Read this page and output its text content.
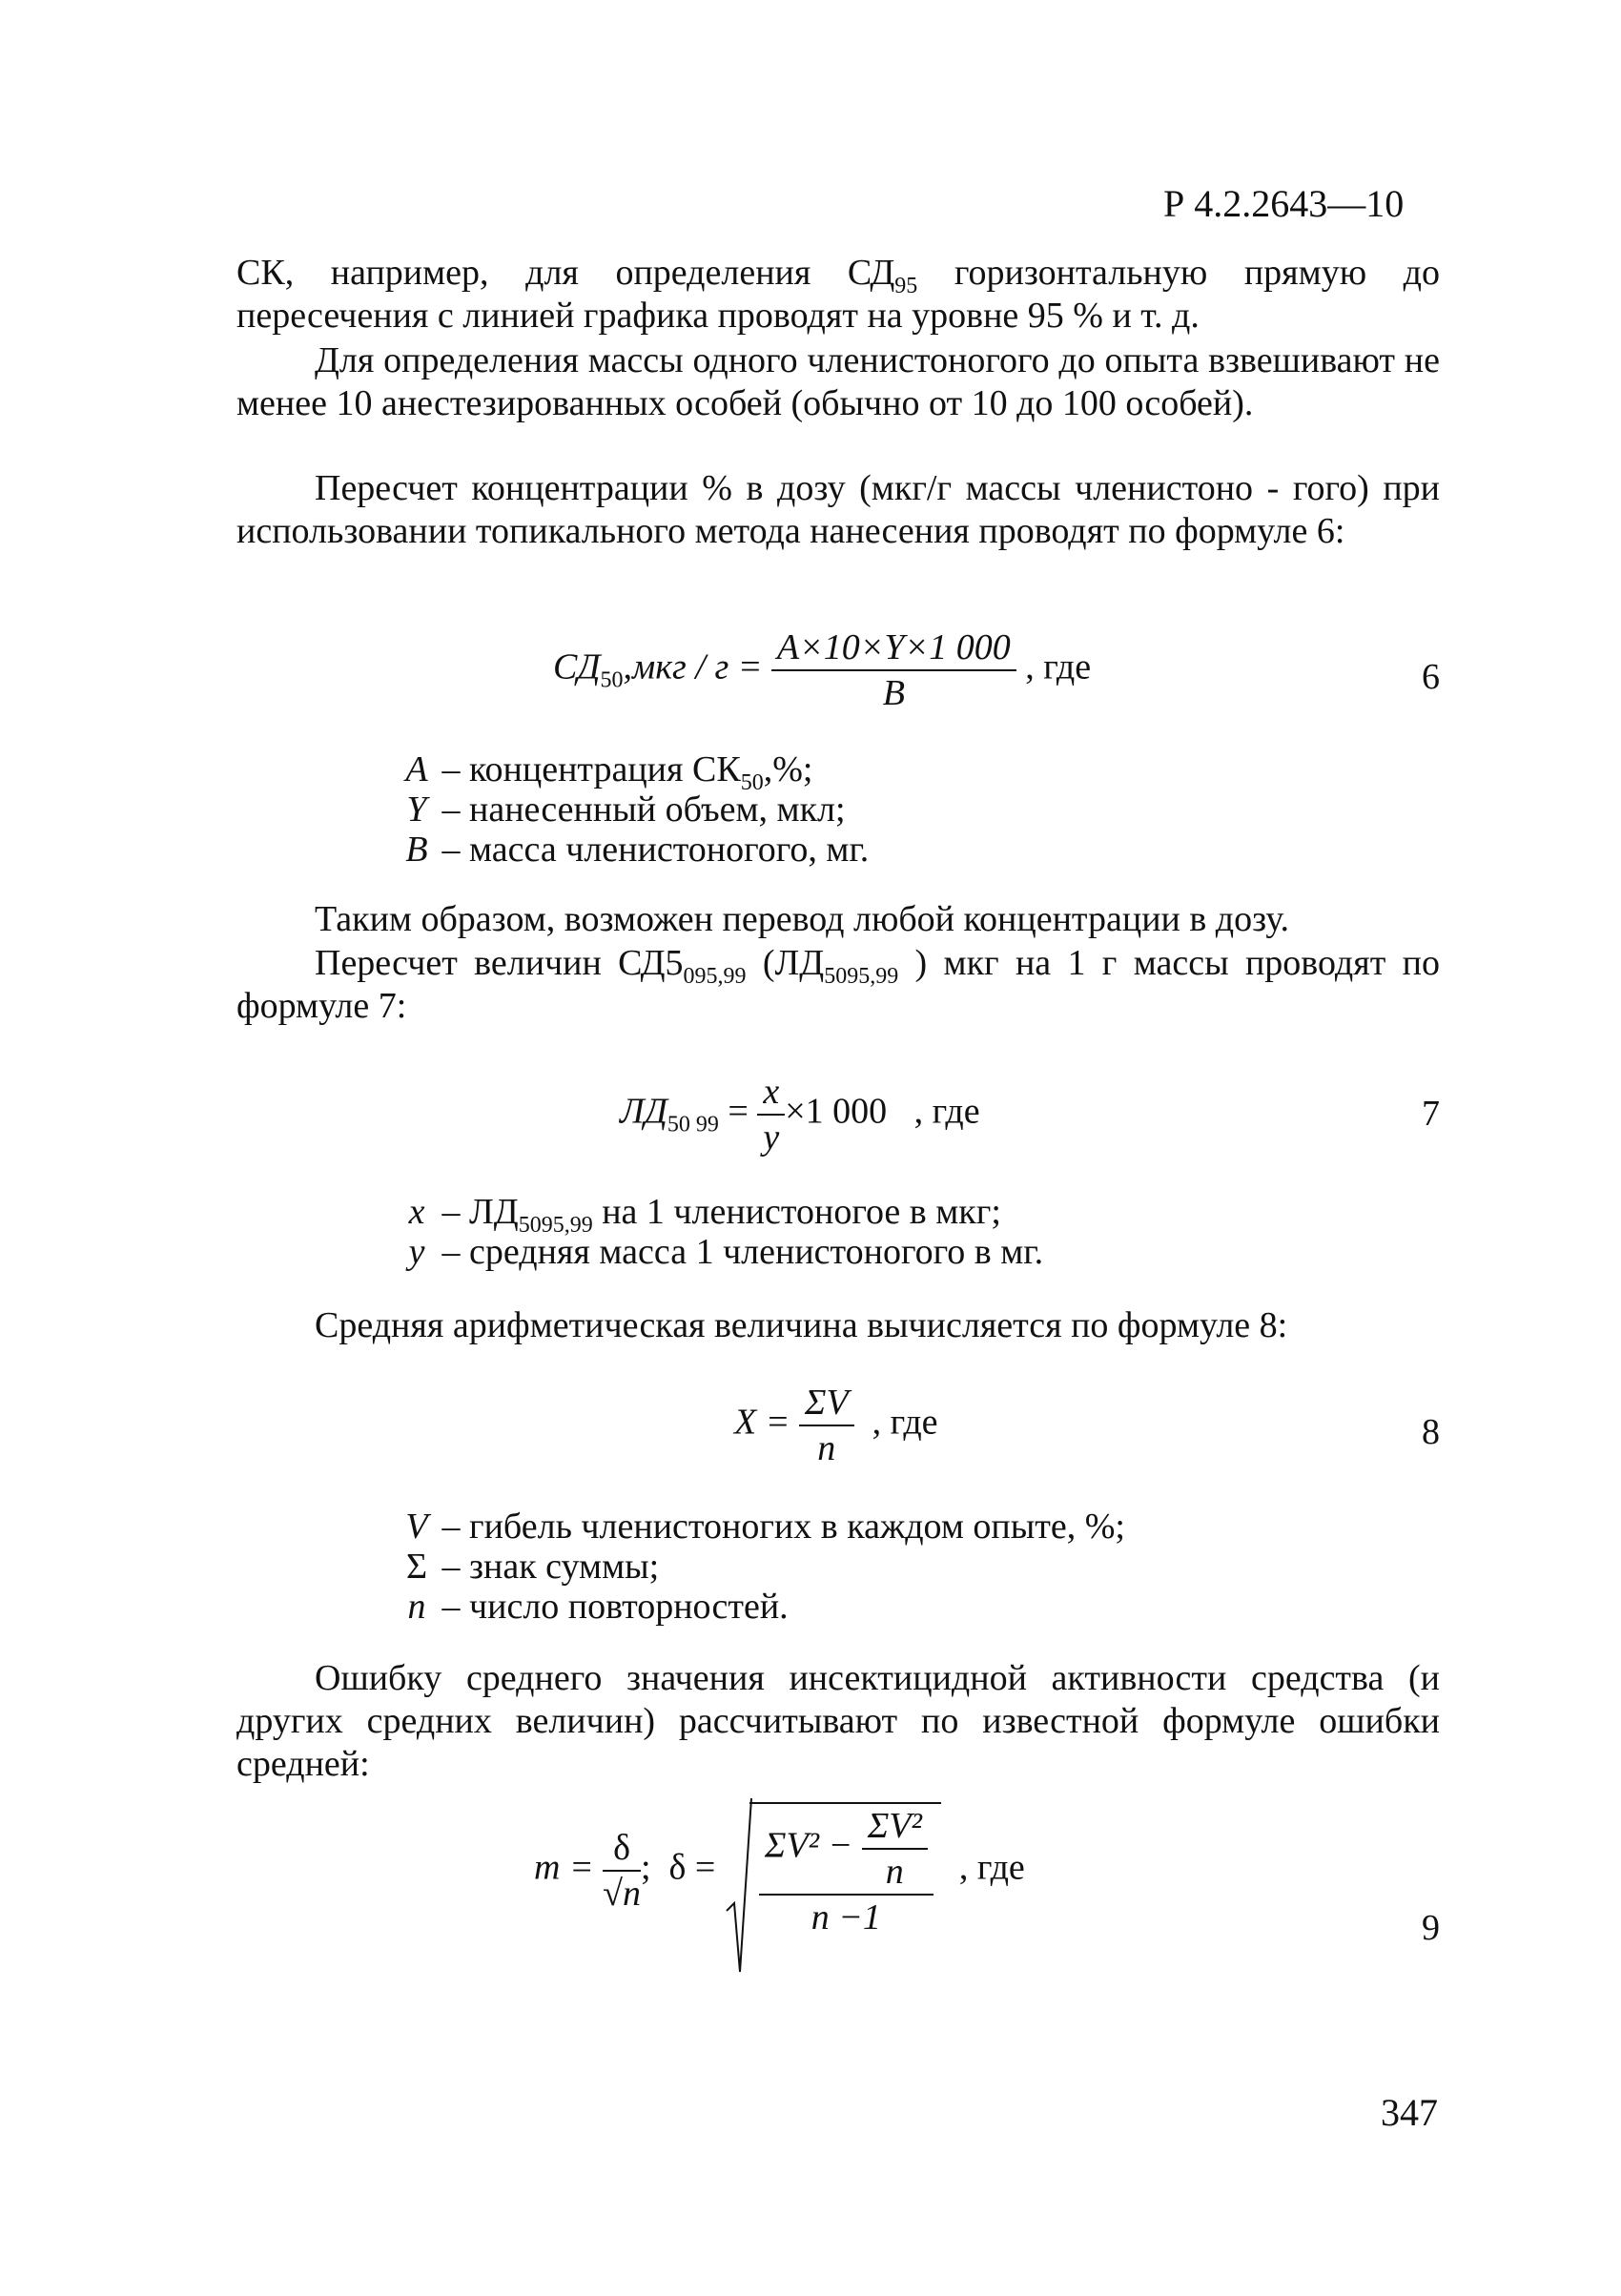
Р 4.2.2643—10
СК, например, для определения $СД_{95}$ горизонтальную прямую до пересечения с линией графика проводят на уровне 95 % и т. д.
Для определения массы одного членистоногого до опыта взвешивают не менее 10 анестезированных особей (обычно от 10 до 100 особей).
Пересчет концентрации % в дозу (мкг/г массы членистоно - гого) при использовании топикального метода нанесения проводят по формуле 6:
$СД_{50},мкг / г = \frac{A\times 10\times Y\times 1 000}{B}$ , где	6
A – концентрация $СК_{50},\%$;
Y – нанесенный объем, мкл;
B – масса членистоногого, мг.
Таким образом, возможен перевод любой концентрации в дозу.
Пересчет величин $СД5_{095,99}$ ($ЛД_{5095,99}$ ) мкг на 1 г массы проводят по формуле 7:
$ЛД_{50 99} = \frac{x}{y} \times 1$ 000 , где	7
x – $ЛД_{5095,99}$ на 1 членистоногое в мкг;
y – средняя масса 1 членистоногого в мг.
Средняя арифметическая величина вычисляется по формуле 8:
$X = \frac{\Sigma V}{n}$ , где	8
V – гибель членистоногих в каждом опыте, %;
Σ – знак суммы;
n – число повторностей.
Ошибку среднего значения инсектицидной активности средства (и других средних величин) рассчитывают по известной формуле ошибки средней:
$m = \frac{\delta}{√n}$ ; $\delta = \frac{\Sigma V^2 - \frac{\text{ΣV²}}{n}}{n -1}$ , где
9
347
